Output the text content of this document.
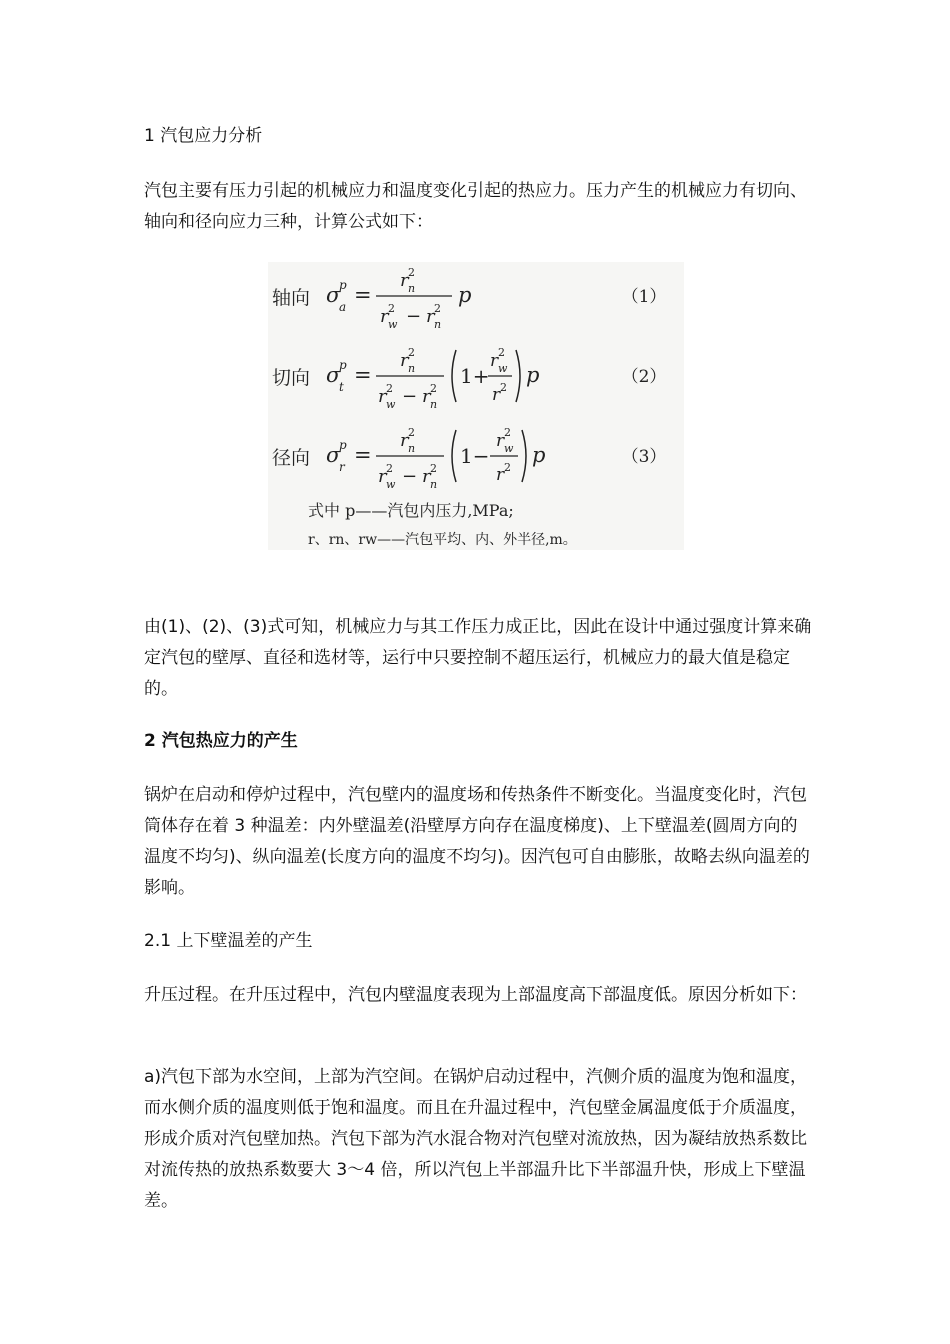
1 汽包应力分析

汽包主要有压力引起的机械应力和温度变化引起的热应力。压力产生的机械应力有切向、轴向和径向应力三种，计算公式如下：

轴向 σ
p
a =
r n
2
r w
2 − r n
2
p	（1）
切向 σ
p
t =
r n
2
r w
2 − r n
2
1+
r w
2
r 2
p	（2）
径向 σ
p
r =
r n
2
r w
2 − r n
2
1−
r w
2
r 2
p	（3）
式中 p——汽包内压力,MPa;
r、rn、rw——汽包平均、内、外半径,m。

由(1)、(2)、(3)式可知，机械应力与其工作压力成正比，因此在设计中通过强度计算来确定汽包的壁厚、直径和选材等，运行中只要控制不超压运行，机械应力的最大值是稳定的。

2 汽包热应力的产生

锅炉在启动和停炉过程中，汽包壁内的温度场和传热条件不断变化。当温度变化时，汽包筒体存在着 3 种温差：内外壁温差(沿壁厚方向存在温度梯度)、上下壁温差(圆周方向的温度不均匀)、纵向温差(长度方向的温度不均匀)。因汽包可自由膨胀，故略去纵向温差的影响。

2.1 上下壁温差的产生

升压过程。在升压过程中，汽包内壁温度表现为上部温度高下部温度低。原因分析如下：

a)汽包下部为水空间，上部为汽空间。在锅炉启动过程中，汽侧介质的温度为饱和温度，而水侧介质的温度则低于饱和温度。而且在升温过程中，汽包壁金属温度低于介质温度，形成介质对汽包壁加热。汽包下部为汽水混合物对汽包壁对流放热，因为凝结放热系数比对流传热的放热系数要大 3～4 倍，所以汽包上半部温升比下半部温升快，形成上下壁温差。
